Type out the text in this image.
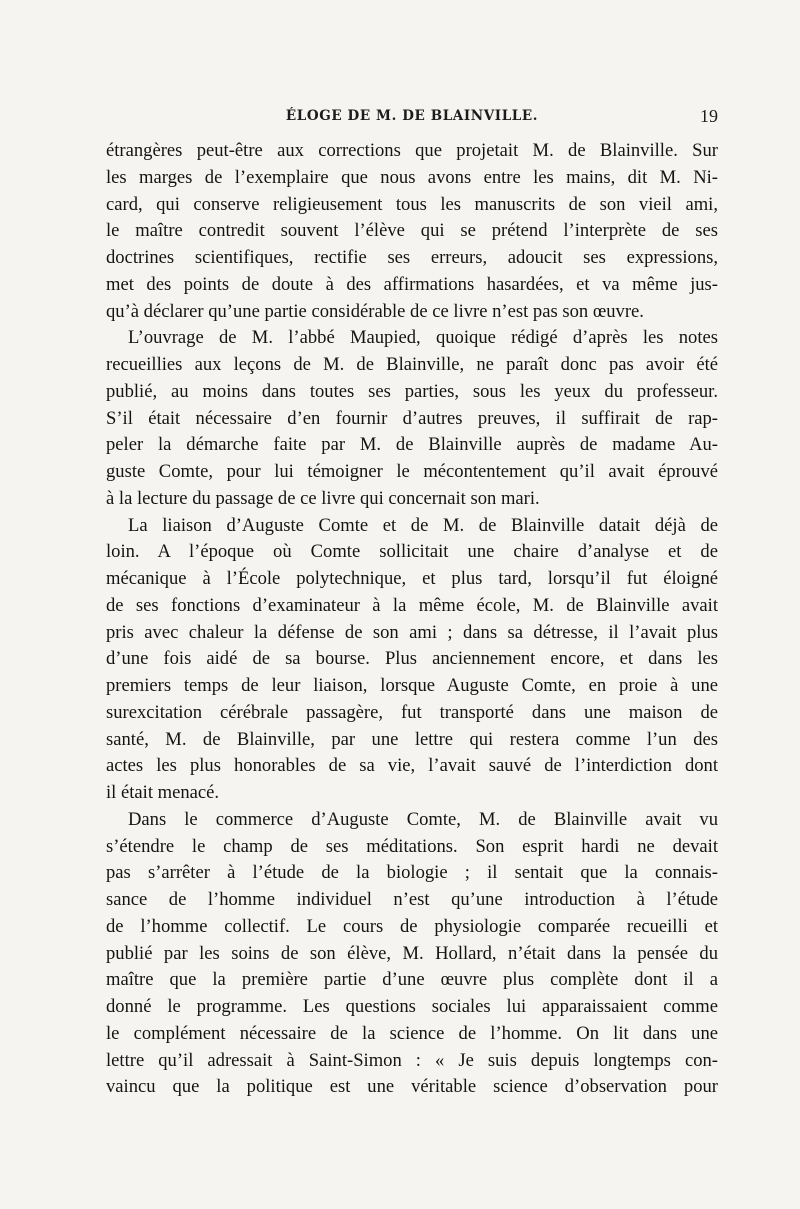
ÉLOGE DE M. DE BLAINVILLE.	19
étrangères peut-être aux corrections que projetait M. de Blainville. Sur
les marges de l’exemplaire que nous avons entre les mains, dit M. Ni-
card, qui conserve religieusement tous les manuscrits de son vieil ami,
le maître contredit souvent l’élève qui se prétend l’interprète de ses
doctrines scientifiques, rectifie ses erreurs, adoucit ses expressions,
met des points de doute à des affirmations hasardées, et va même jus-
qu’à déclarer qu’une partie considérable de ce livre n’est pas son œuvre.
L’ouvrage de M. l’abbé Maupied, quoique rédigé d’après les notes
recueillies aux leçons de M. de Blainville, ne paraît donc pas avoir été
publié, au moins dans toutes ses parties, sous les yeux du professeur.
S’il était nécessaire d’en fournir d’autres preuves, il suffirait de rap-
peler la démarche faite par M. de Blainville auprès de madame Au-
guste Comte, pour lui témoigner le mécontentement qu’il avait éprouvé
à la lecture du passage de ce livre qui concernait son mari.
La liaison d’Auguste Comte et de M. de Blainville datait déjà de
loin. A l’époque où Comte sollicitait une chaire d’analyse et de
mécanique à l’École polytechnique, et plus tard, lorsqu’il fut éloigné
de ses fonctions d’examinateur à la même école, M. de Blainville avait
pris avec chaleur la défense de son ami ; dans sa détresse, il l’avait plus
d’une fois aidé de sa bourse. Plus anciennement encore, et dans les
premiers temps de leur liaison, lorsque Auguste Comte, en proie à une
surexcitation cérébrale passagère, fut transporté dans une maison de
santé, M. de Blainville, par une lettre qui restera comme l’un des
actes les plus honorables de sa vie, l’avait sauvé de l’interdiction dont
il était menacé.
Dans le commerce d’Auguste Comte, M. de Blainville avait vu
s’étendre le champ de ses méditations. Son esprit hardi ne devait
pas s’arrêter à l’étude de la biologie ; il sentait que la connais-
sance de l’homme individuel n’est qu’une introduction à l’étude
de l’homme collectif. Le cours de physiologie comparée recueilli et
publié par les soins de son élève, M. Hollard, n’était dans la pensée du
maître que la première partie d’une œuvre plus complète dont il a
donné le programme. Les questions sociales lui apparaissaient comme
le complément nécessaire de la science de l’homme. On lit dans une
lettre qu’il adressait à Saint-Simon : « Je suis depuis longtemps con-
vaincu que la politique est une véritable science d’observation pour
